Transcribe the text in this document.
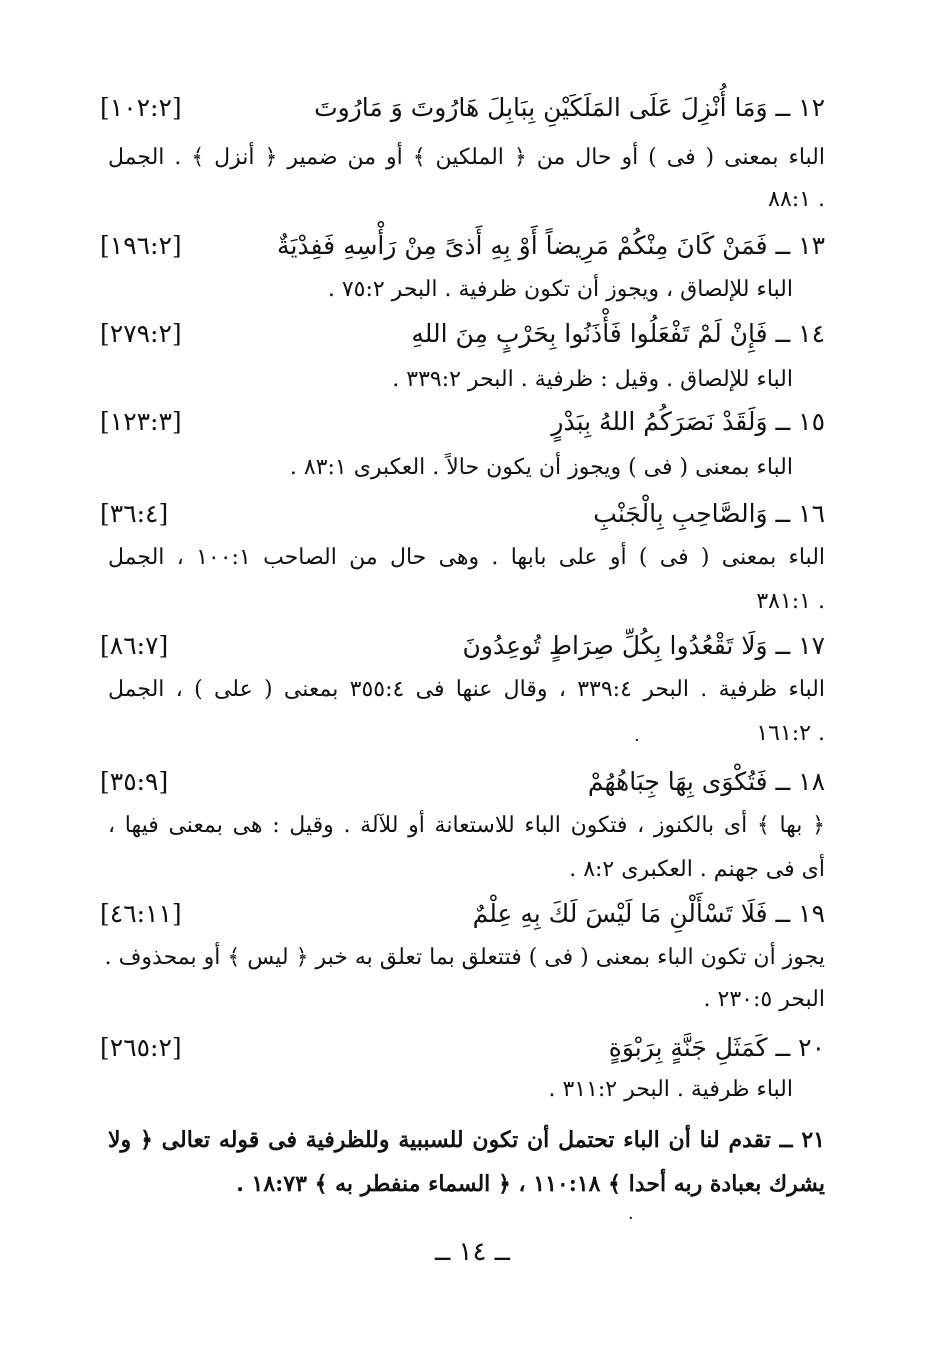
[١٠٢:٢]	١٢ ــ وَمَا أُنْزِلَ عَلَى المَلَكَيْنِ بِبَابِلَ هَارُوتَ وَ مَارُوتَ
الباء بمعنى ( فى ) أو حال من ﴿ الملكين ﴾ أو من ضمير ﴿ أنزل ﴾ . الجمل
. ٨٨:١
[١٩٦:٢]	١٣ ــ فَمَنْ كَانَ مِنْكُمْ مَرِيضاً أَوْ بِهِ أَذىً مِنْ رَأْسِهِ فَفِدْيَةٌ
الباء للإلصاق ، ويجوز أن تكون ظرفية . البحر ٧٥:٢ .
[٢٧٩:٢]	١٤ ــ فَإِنْ لَمْ تَفْعَلُوا فَأْذَنُوا بِحَرْبٍ مِنَ اللهِ
الباء للإلصاق . وقيل : ظرفية . البحر ٣٣٩:٢ .
[١٢٣:٣]	١٥ ــ وَلَقَدْ نَصَرَكُمُ اللهُ بِبَدْرٍ
الباء بمعنى ( فى ) ويجوز أن يكون حالاً . العكبرى ٨٣:١ .
[٣٦:٤]	١٦ ــ وَالصَّاحِبِ بِالْجَنْبِ
الباء بمعنى ( فى ) أو على بابها . وهى حال من الصاحب ١٠٠:١ ، الجمل
. ٣٨١:١
[٨٦:٧]	١٧ ــ وَلَا تَقْعُدُوا بِكُلِّ صِرَاطٍ تُوعِدُونَ
الباء ظرفية . البحر ٣٣٩:٤ ، وقال عنها فى ٣٥٥:٤ بمعنى ( على ) ، الجمل
. ١٦١:٢
·
[٣٥:٩]	١٨ ــ فَتُكْوَى بِهَا جِبَاهُهُمْ
﴿ بها ﴾ أى بالكنوز ، فتكون الباء للاستعانة أو للآلة . وقيل : هى بمعنى فيها ،
أى فى جهنم . العكبرى ٨:٢ .
[٤٦:١١]	١٩ ــ فَلَا تَسْأَلْنِ مَا لَيْسَ لَكَ بِهِ عِلْمٌ
يجوز أن تكون الباء بمعنى ( فى ) فتتعلق بما تعلق به خبر ﴿ ليس ﴾ أو بمحذوف .
البحر ٢٣٠:٥ .
[٢٦٥:٢]	٢٠ ــ كَمَثَلِ جَنَّةٍ بِرَبْوَةٍ
الباء ظرفية . البحر ٣١١:٢ .
٢١ ــ تقدم لنا أن الباء تحتمل أن تكون للسببية وللظرفية فى قوله تعالى ﴿ ولا
يشرك بعبادة ربه أحدا ﴾ ١١٠:١٨ ، ﴿ السماء منفطر به ﴾ ١٨:٧٣ .
·
ــ ١٤ ــ
